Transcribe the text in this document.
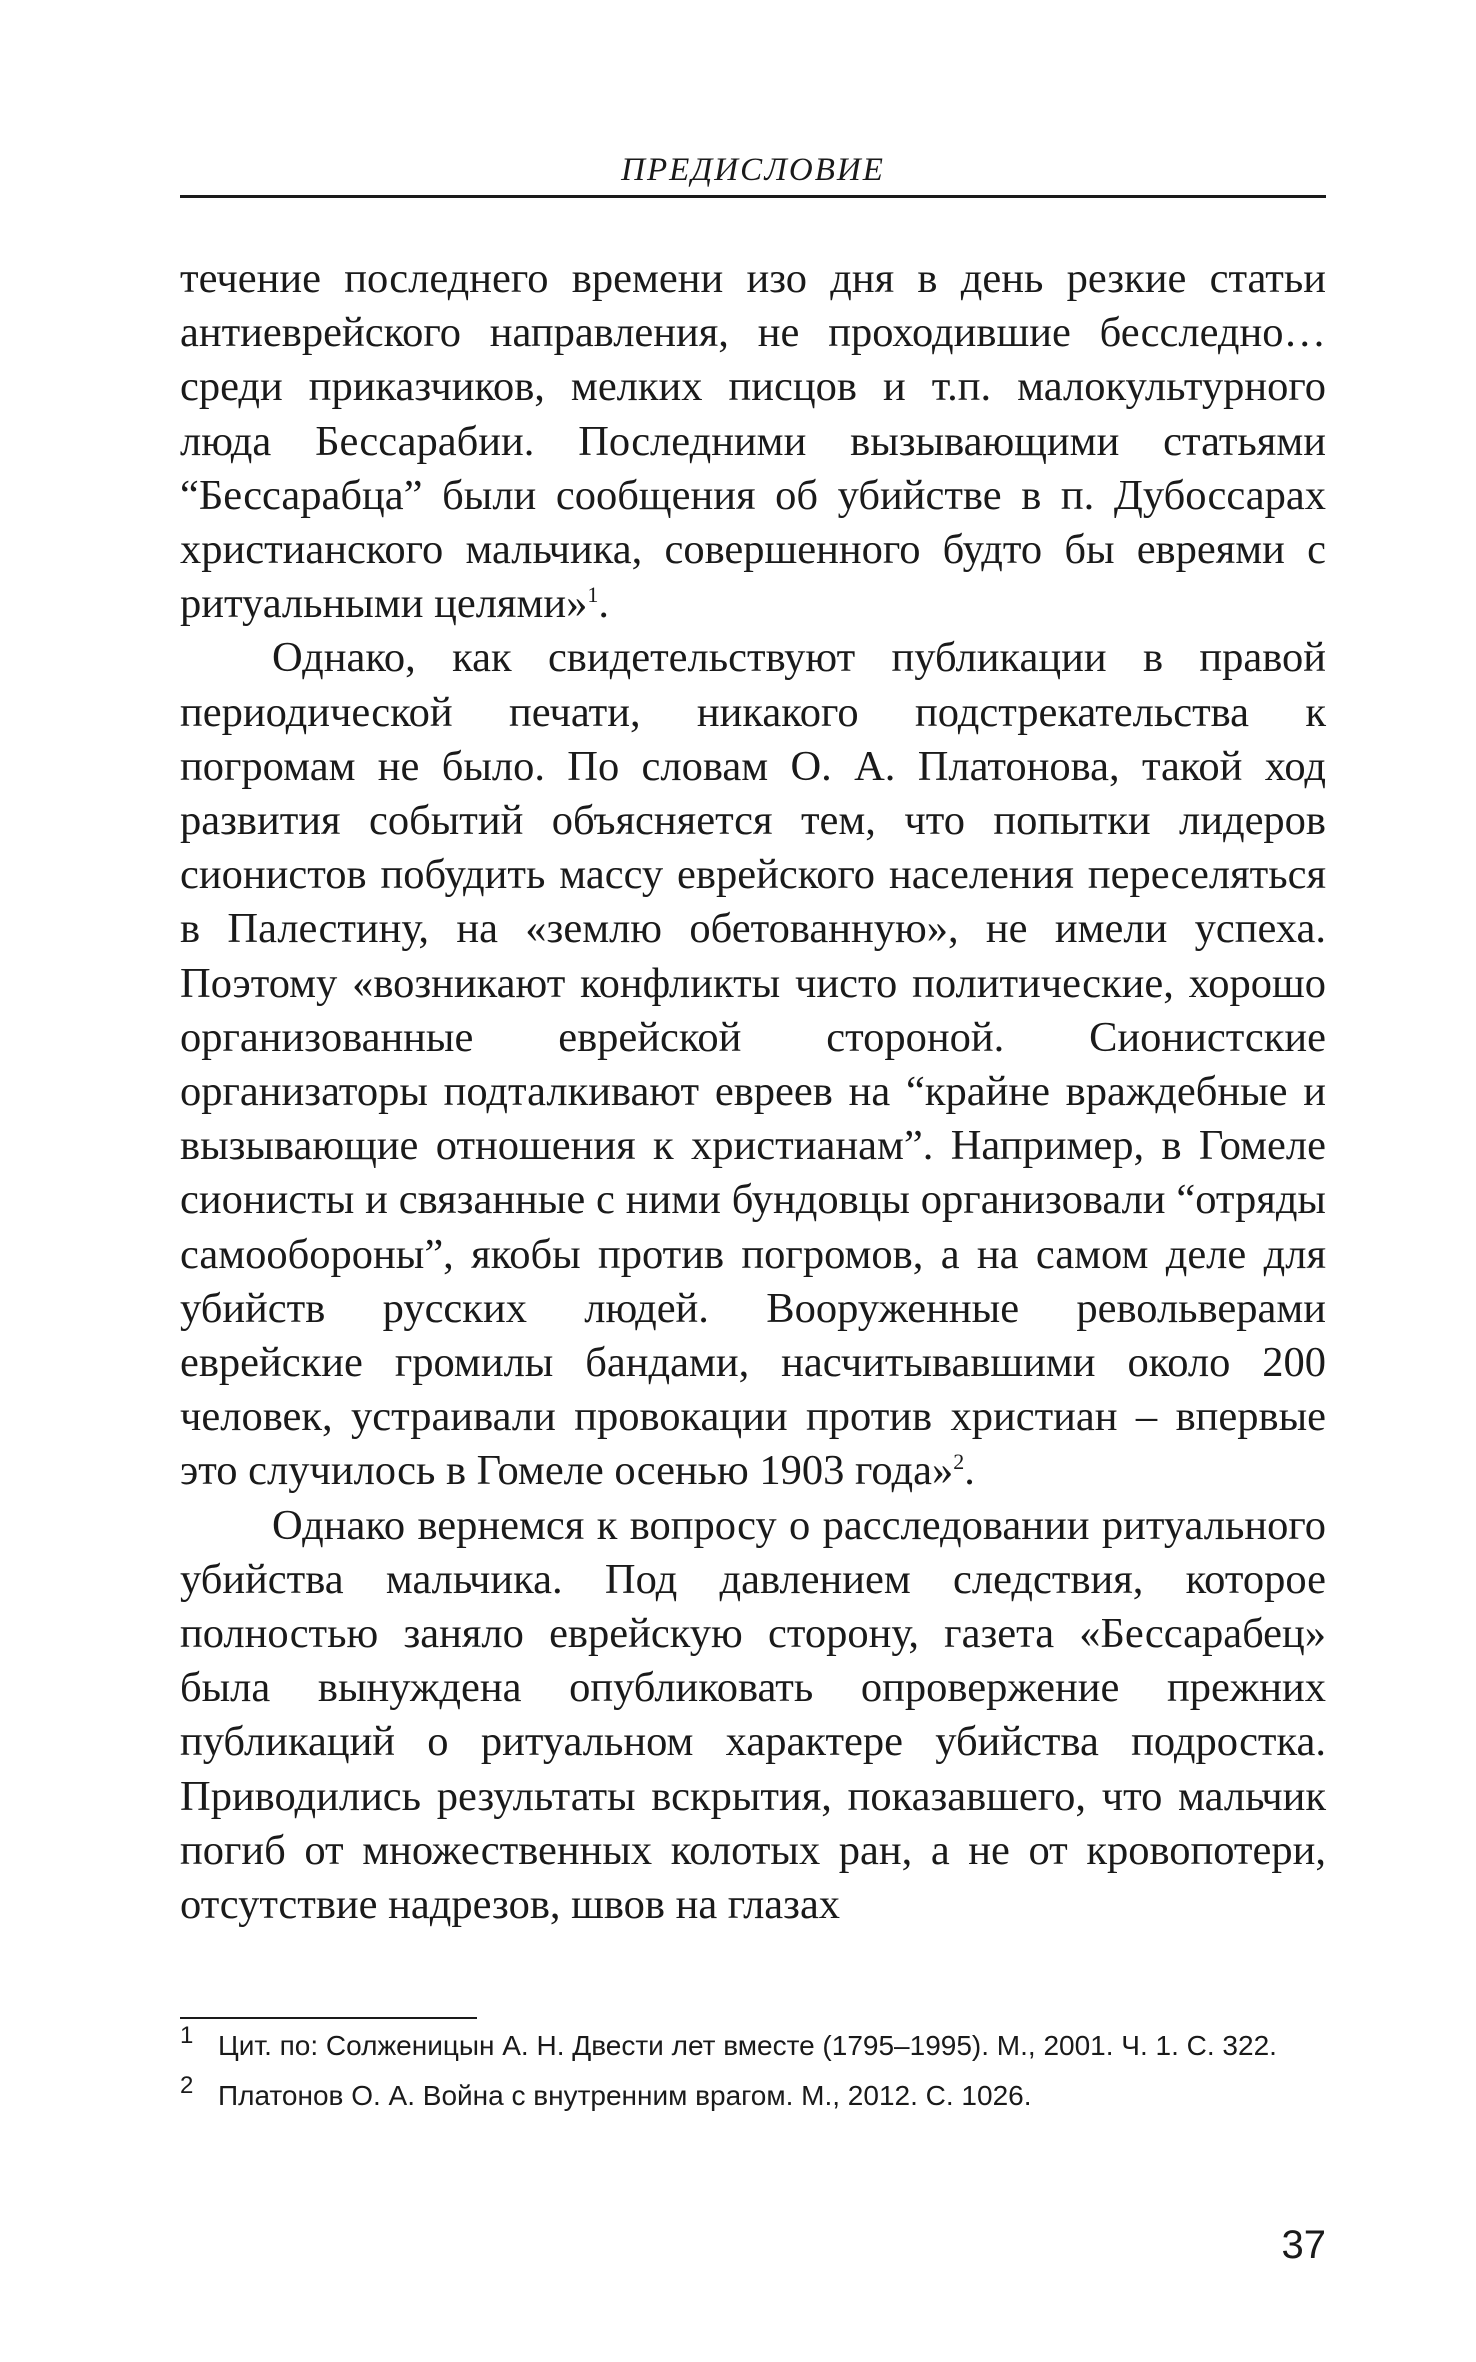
ПРЕДИСЛОВИЕ

течение последнего времени изо дня в день резкие статьи антиеврейского направления, не проходившие бесследно… среди приказчиков, мелких писцов и т.п. малокультурного люда Бессарабии. Последними вызывающими статьями “Бессарабца” были сообщения об убийстве в п. Дубоссарах христианского мальчика, совершенного будто бы евреями с ритуальными целями»$^1$.

Однако, как свидетельствуют публикации в правой периодической печати, никакого подстрекательства к погромам не было. По словам О. А. Платонова, такой ход развития событий объясняется тем, что попытки лидеров сионистов побудить массу еврейского населения переселяться в Палестину, на «землю обетованную», не имели успеха. Поэтому «возникают конфликты чисто политические, хорошо организованные еврейской стороной. Сионистские организаторы подталкивают евреев на “крайне враждебные и вызывающие отношения к христианам”. Например, в Гомеле сионисты и связанные с ними бундовцы организовали “отряды самообороны”, якобы против погромов, а на самом деле для убийств русских людей. Вооруженные револьверами еврейские громилы бандами, насчитывавшими около 200 человек, устраивали провокации против христиан – впервые это случилось в Гомеле осенью 1903 года»$^2$.

Однако вернемся к вопросу о расследовании ритуального убийства мальчика. Под давлением следствия, которое полностью заняло еврейскую сторону, газета «Бессарабец» была вынуждена опубликовать опровержение прежних публикаций о ритуальном характере убийства подростка. Приводились результаты вскрытия, показавшего, что мальчик погиб от множественных колотых ран, а не от кровопотери, отсутствие надрезов, швов на глазах

1 Цит. по: Солженицын А. Н. Двести лет вместе (1795–1995). М., 2001. Ч. 1. С. 322.
2 Платонов О. А. Война с внутренним врагом. М., 2012. С. 1026.
37
